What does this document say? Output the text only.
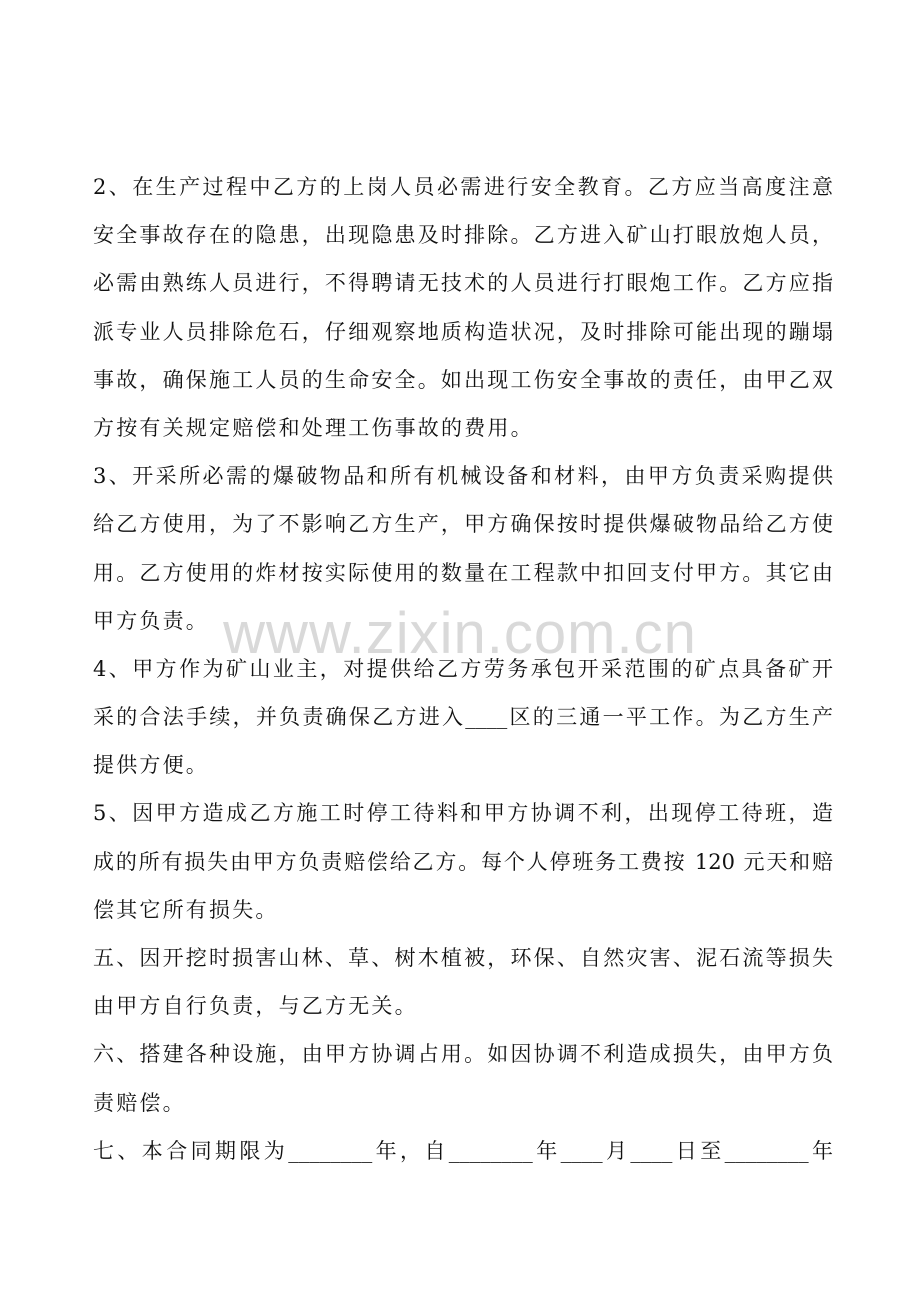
2、在生产过程中乙方的上岗人员必需进行安全教育。乙方应当高度注意
安全事故存在的隐患，出现隐患及时排除。乙方进入矿山打眼放炮人员，
必需由熟练人员进行，不得聘请无技术的人员进行打眼炮工作。乙方应指
派专业人员排除危石，仔细观察地质构造状况，及时排除可能出现的蹦塌
事故，确保施工人员的生命安全。如出现工伤安全事故的责任，由甲乙双
方按有关规定赔偿和处理工伤事故的费用。
3、开采所必需的爆破物品和所有机械设备和材料，由甲方负责采购提供
给乙方使用，为了不影响乙方生产，甲方确保按时提供爆破物品给乙方使
用。乙方使用的炸材按实际使用的数量在工程款中扣回支付甲方。其它由
甲方负责。
4、甲方作为矿山业主，对提供给乙方劳务承包开采范围的矿点具备矿开
采的合法手续，并负责确保乙方进入____区的三通一平工作。为乙方生产
提供方便。
5、因甲方造成乙方施工时停工待料和甲方协调不利，出现停工待班，造
成的所有损失由甲方负责赔偿给乙方。每个人停班务工费按 120 元天和赔
偿其它所有损失。
五、因开挖时损害山林、草、树木植被，环保、自然灾害、泥石流等损失
由甲方自行负责，与乙方无关。
六、搭建各种设施，由甲方协调占用。如因协调不利造成损失，由甲方负
责赔偿。
七、本合同期限为________年，自________年____月____日至________年
www.zixin.com.cn
